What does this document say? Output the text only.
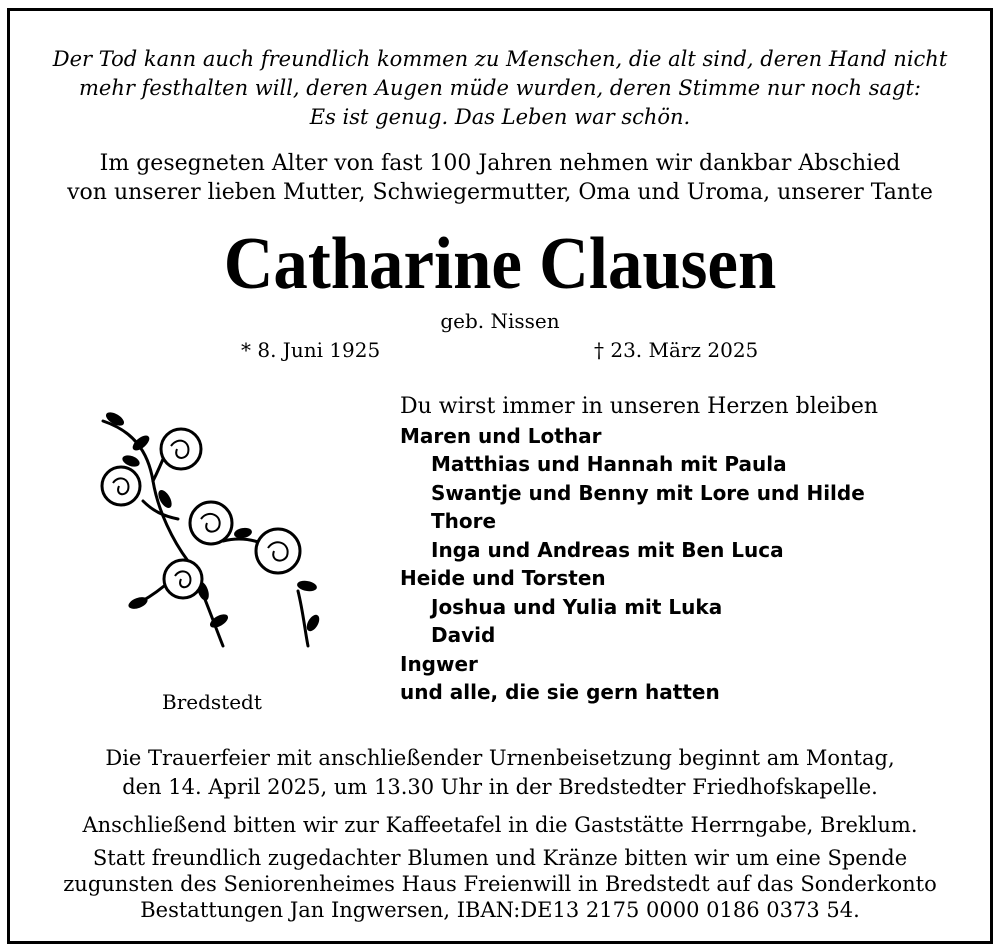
Der Tod kann auch freundlich kommen zu Menschen, die alt sind, deren Hand nicht
mehr festhalten will, deren Augen müde wurden, deren Stimme nur noch sagt:
Es ist genug. Das Leben war schön.
Im gesegneten Alter von fast 100 Jahren nehmen wir dankbar Abschied
von unserer lieben Mutter, Schwiegermutter, Oma und Uroma, unserer Tante
Catharine Clausen
geb. Nissen
* 8. Juni 1925	† 23. März 2025
Bredstedt
Du wirst immer in unseren Herzen bleiben
Maren und Lothar
Matthias und Hannah mit Paula
Swantje und Benny mit Lore und Hilde
Thore
Inga und Andreas mit Ben Luca
Heide und Torsten
Joshua und Yulia mit Luka
David
Ingwer
und alle, die sie gern hatten
Die Trauerfeier mit anschließender Urnenbeisetzung beginnt am Montag,
den 14. April 2025, um 13.30 Uhr in der Bredstedter Friedhofskapelle.
Anschließend bitten wir zur Kaffeetafel in die Gaststätte Herrngabe, Breklum.
Statt freundlich zugedachter Blumen und Kränze bitten wir um eine Spende
zugunsten des Seniorenheimes Haus Freienwill in Bredstedt auf das Sonderkonto
Bestattungen Jan Ingwersen, IBAN:DE13 2175 0000 0186 0373 54.
